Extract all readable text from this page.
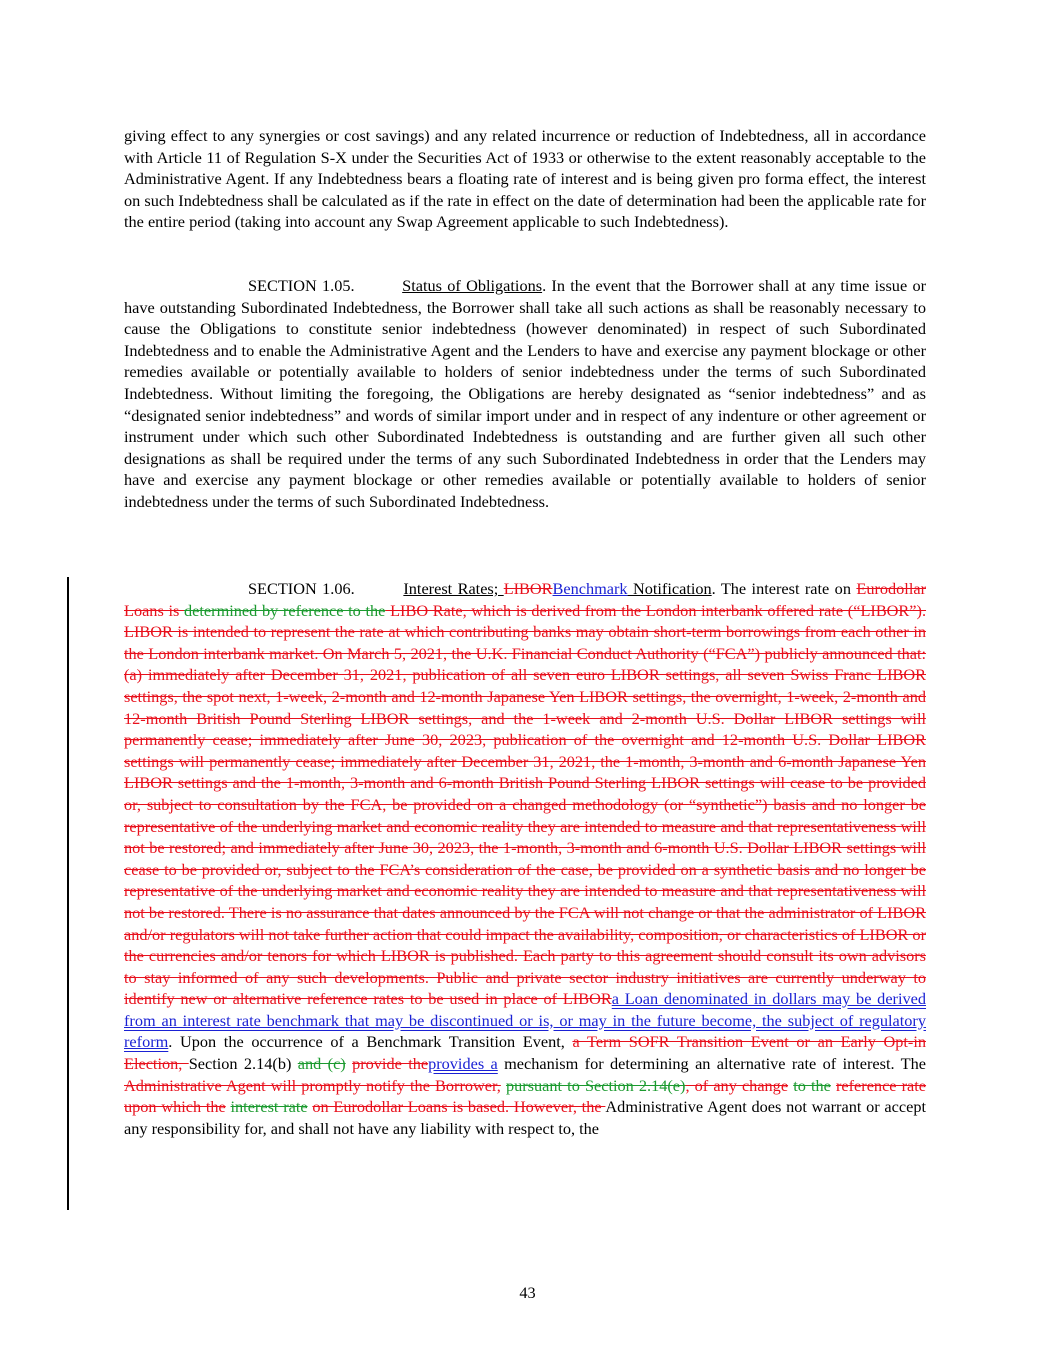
giving effect to any synergies or cost savings) and any related incurrence or reduction of Indebtedness, all in accordance with Article 11 of Regulation S-X under the Securities Act of 1933 or otherwise to the extent reasonably acceptable to the Administrative Agent. If any Indebtedness bears a floating rate of interest and is being given pro forma effect, the interest on such Indebtedness shall be calculated as if the rate in effect on the date of determination had been the applicable rate for the entire period (taking into account any Swap Agreement applicable to such Indebtedness).
SECTION 1.05.	Status of Obligations. In the event that the Borrower shall at any time issue or have outstanding Subordinated Indebtedness, the Borrower shall take all such actions as shall be reasonably necessary to cause the Obligations to constitute senior indebtedness (however denominated) in respect of such Subordinated Indebtedness and to enable the Administrative Agent and the Lenders to have and exercise any payment blockage or other remedies available or potentially available to holders of senior indebtedness under the terms of such Subordinated Indebtedness. Without limiting the foregoing, the Obligations are hereby designated as “senior indebtedness” and as “designated senior indebtedness” and words of similar import under and in respect of any indenture or other agreement or instrument under which such other Subordinated Indebtedness is outstanding and are further given all such other designations as shall be required under the terms of any such Subordinated Indebtedness in order that the Lenders may have and exercise any payment blockage or other remedies available or potentially available to holders of senior indebtedness under the terms of such Subordinated Indebtedness.
SECTION 1.06.	Interest Rates; LIBORBenchmark Notification. The interest rate on Eurodollar Loans is determined by reference to the LIBO Rate, which is derived from the London interbank offered rate (“LIBOR”). LIBOR is intended to represent the rate at which contributing banks may obtain short-term borrowings from each other in the London interbank market. On March 5, 2021, the U.K. Financial Conduct Authority (“FCA”) publicly announced that: (a) immediately after December 31, 2021, publication of all seven euro LIBOR settings, all seven Swiss Franc LIBOR settings, the spot next, 1-week, 2-month and 12-month Japanese Yen LIBOR settings, the overnight, 1-week, 2-month and 12-month British Pound Sterling LIBOR settings, and the 1-week and 2-month U.S. Dollar LIBOR settings will permanently cease; immediately after June 30, 2023, publication of the overnight and 12-month U.S. Dollar LIBOR settings will permanently cease; immediately after December 31, 2021, the 1-month, 3-month and 6-month Japanese Yen LIBOR settings and the 1-month, 3-month and 6-month British Pound Sterling LIBOR settings will cease to be provided or, subject to consultation by the FCA, be provided on a changed methodology (or “synthetic”) basis and no longer be representative of the underlying market and economic reality they are intended to measure and that representativeness will not be restored; and immediately after June 30, 2023, the 1-month, 3-month and 6-month U.S. Dollar LIBOR settings will cease to be provided or, subject to the FCA’s consideration of the case, be provided on a synthetic basis and no longer be representative of the underlying market and economic reality they are intended to measure and that representativeness will not be restored. There is no assurance that dates announced by the FCA will not change or that the administrator of LIBOR and/or regulators will not take further action that could impact the availability, composition, or characteristics of LIBOR or the currencies and/or tenors for which LIBOR is published. Each party to this agreement should consult its own advisors to stay informed of any such developments. Public and private sector industry initiatives are currently underway to identify new or alternative reference rates to be used in place of LIBORa Loan denominated in dollars may be derived from an interest rate benchmark that may be discontinued or is, or may in the future become, the subject of regulatory reform. Upon the occurrence of a Benchmark Transition Event, a Term SOFR Transition Event or an Early Opt-in Election, Section 2.14(b) and (c) provide theprovides a mechanism for determining an alternative rate of interest. The Administrative Agent will promptly notify the Borrower, pursuant to Section 2.14(e), of any change to the reference rate upon which the interest rate on Eurodollar Loans is based. However, the Administrative Agent does not warrant or accept any responsibility for, and shall not have any liability with respect to, the
43
